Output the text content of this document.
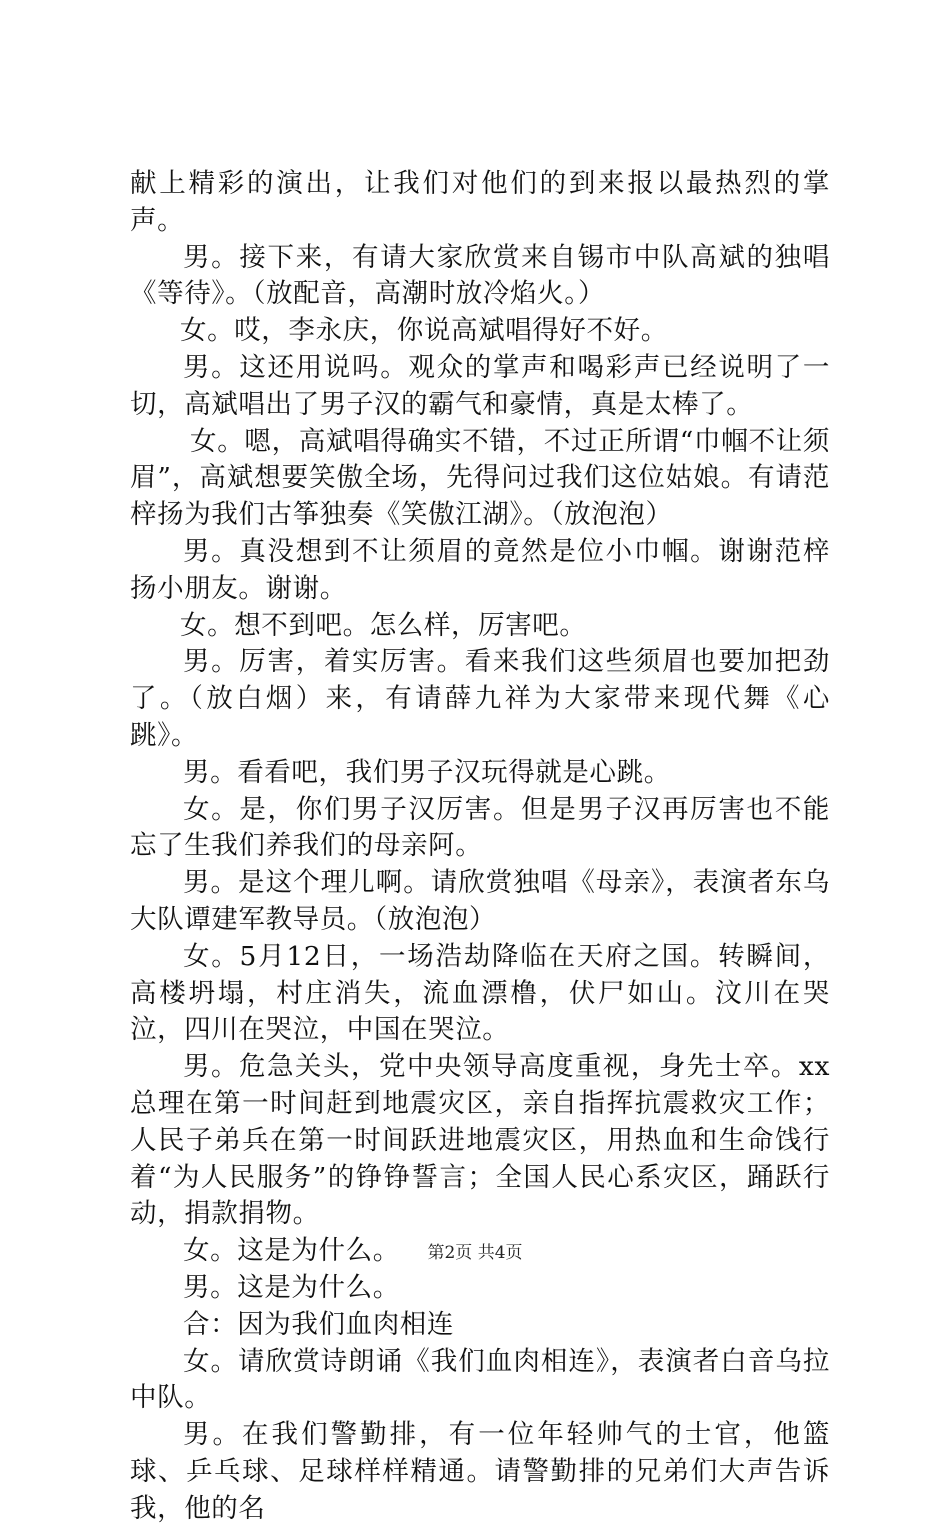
献上精彩的演出，让我们对他们的到来报以最热烈的掌声。

男。接下来，有请大家欣赏来自锡市中队高斌的独唱《等待》。（放配音，高潮时放冷焰火。）

女。哎，李永庆，你说高斌唱得好不好。

男。这还用说吗。观众的掌声和喝彩声已经说明了一切，高斌唱出了男子汉的霸气和豪情，真是太棒了。

女。嗯，高斌唱得确实不错，不过正所谓“巾帼不让须眉”，高斌想要笑傲全场，先得问过我们这位姑娘。有请范梓扬为我们古筝独奏《笑傲江湖》。（放泡泡）

男。真没想到不让须眉的竟然是位小巾帼。谢谢范梓扬小朋友。谢谢。

女。想不到吧。怎么样，厉害吧。

男。厉害，着实厉害。看来我们这些须眉也要加把劲了。（放白烟）来，有请薛九祥为大家带来现代舞《心跳》。

男。看看吧，我们男子汉玩得就是心跳。

女。是，你们男子汉厉害。但是男子汉再厉害也不能忘了生我们养我们的母亲阿。

男。是这个理儿啊。请欣赏独唱《母亲》，表演者东乌大队谭建军教导员。（放泡泡）

女。5月12日，一场浩劫降临在天府之国。转瞬间，高楼坍塌，村庄消失，流血漂橹，伏尸如山。汶川在哭泣，四川在哭泣，中国在哭泣。

男。危急关头，党中央领导高度重视，身先士卒。xx总理在第一时间赶到地震灾区，亲自指挥抗震救灾工作；人民子弟兵在第一时间跃进地震灾区，用热血和生命饯行着“为人民服务”的铮铮誓言；全国人民心系灾区，踊跃行动，捐款捐物。

女。这是为什么。

男。这是为什么。

合：因为我们血肉相连

女。请欣赏诗朗诵《我们血肉相连》，表演者白音乌拉中队。

男。在我们警勤排，有一位年轻帅气的士官，他篮球、乒乓球、足球样样精通。请警勤排的兄弟们大声告诉我，他的名

第2页 共4页
